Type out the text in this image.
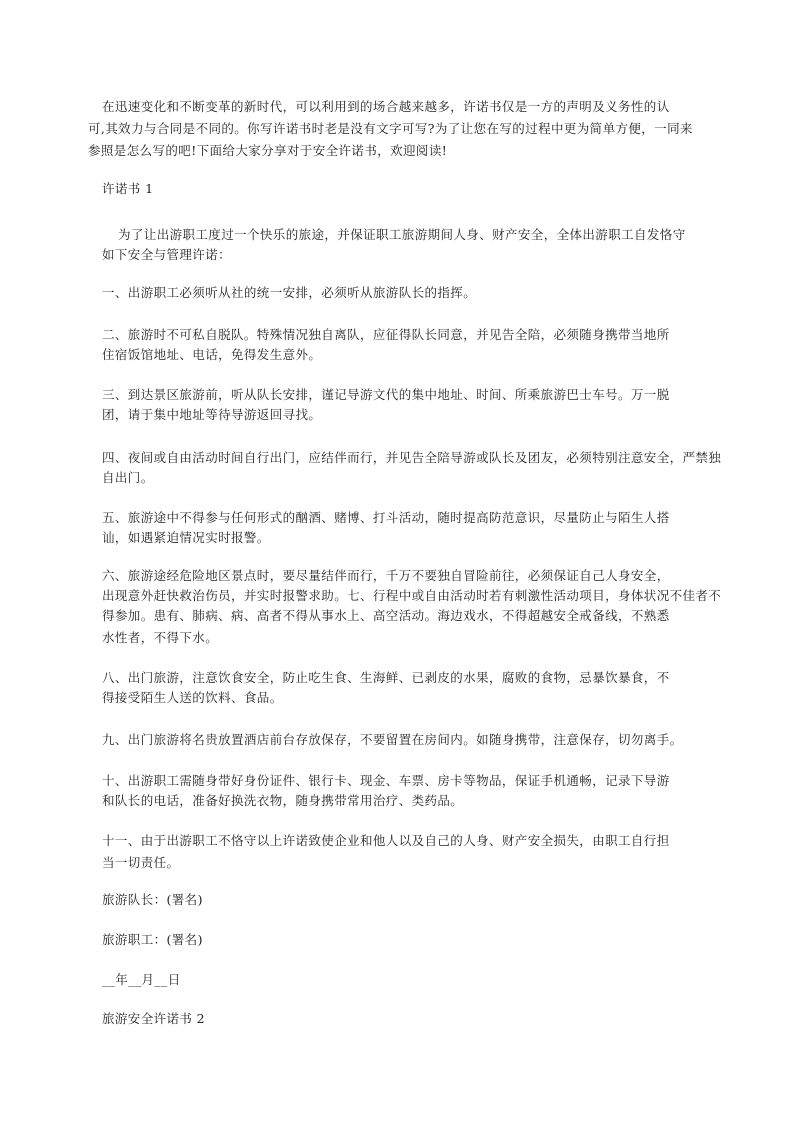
在迅速变化和不断变革的新时代，可以利用到的场合越来越多，许诺书仅是一方的声明及义务性的认
可,其效力与合同是不同的。你写许诺书时老是没有文字可写?为了让您在写的过程中更为简单方便，一同来
参照是怎么写的吧!下面给大家分享对于安全许诺书，欢迎阅读!
许诺书 1
为了让出游职工度过一个快乐的旅途，并保证职工旅游期间人身、财产安全，全体出游职工自发恪守
如下安全与管理许诺：
一、出游职工必须听从社的统一安排，必须听从旅游队长的指挥。
二、旅游时不可私自脱队。特殊情况独自离队，应征得队长同意，并见告全陪，必须随身携带当地所
住宿饭馆地址、电话，免得发生意外。
三、到达景区旅游前，听从队长安排，谨记导游文代的集中地址、时间、所乘旅游巴士车号。万一脱
团，请于集中地址等待导游返回寻找。
四、夜间或自由活动时间自行出门，应结伴而行，并见告全陪导游或队长及团友，必须特别注意安全，严禁独
自出门。
五、旅游途中不得参与任何形式的酗酒、赌博、打斗活动，随时提高防范意识，尽量防止与陌生人搭
讪，如遇紧迫情况实时报警。
六、旅游途经危险地区景点时，要尽量结伴而行，千万不要独自冒险前往，必须保证自己人身安全，
出现意外赶快救治伤员，并实时报警求助。七、行程中或自由活动时若有刺激性活动项目，身体状况不佳者不
得参加。患有、肺病、病、高者不得从事水上、高空活动。海边戏水，不得超越安全戒备线，不熟悉
水性者，不得下水。
八、出门旅游，注意饮食安全，防止吃生食、生海鲜、已剥皮的水果，腐败的食物，忌暴饮暴食，不
得接受陌生人送的饮料、食品。
九、出门旅游将名贵放置酒店前台存放保存，不要留置在房间内。如随身携带，注意保存，切勿离手。
十、出游职工需随身带好身份证件、银行卡、现金、车票、房卡等物品，保证手机通畅，记录下导游
和队长的电话，准备好换洗衣物，随身携带常用治疗、类药品。
十一、由于出游职工不恪守以上许诺致使企业和他人以及自己的人身、财产安全损失，由职工自行担
当一切责任。
旅游队长：(署名)
旅游职工：(署名)
__年__月__日
旅游安全许诺书 2
